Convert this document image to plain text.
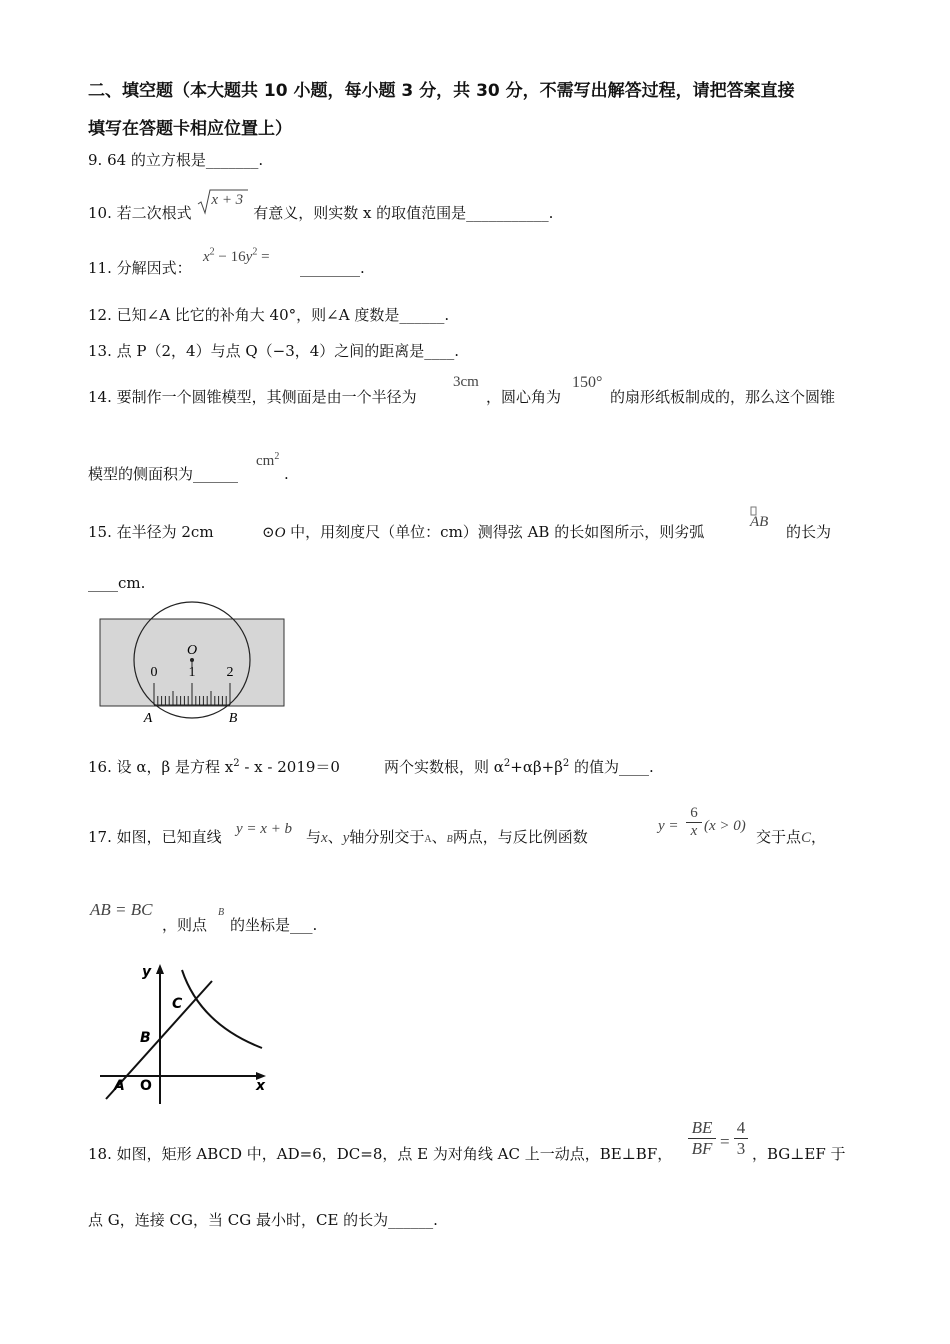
二、填空题（本大题共 10 小题，每小题 3 分，共 30 分，不需写出解答过程，请把答案直接
填写在答题卡相应位置上）
9. 64 的立方根是_______.
10. 若二次根式
x + 3
有意义，则实数 x 的取值范围是___________.
11. 分解因式：
$x^2 - 16y^2$ =
________.
12. 已知∠A 比它的补角大 40°，则∠A 度数是______.
13. 点 P（2，4）与点 Q（−3，4）之间的距离是____.
14. 要制作一个圆锥模型，其侧面是由一个半径为
3cm
，圆心角为
150°
的扇形纸板制成的，那么这个圆锥
模型的侧面积为______
$cm^2$
.
15. 在半径为 2cm	⊙O 中，用刻度尺（单位：cm）测得弦 AB 的长如图所示，则劣弧
AB
的长为
____cm.
O
0 1 2
A	B
16. 设 α，β 是方程 $x^2 - x - 2019=0$	两个实数根，则 $\alpha^2+\alpha\beta+\beta^2$ 的值为____.
17. 如图，已知直线 y = x + b 与x、y轴分别交于A、B两点，与反比例函数
$y = \frac{6}{x} (x > 0)$
交于点C，
AB = BC
，则点
B
的坐标是___.
y
x
A O
B
C
18. 如图，矩形 ABCD 中，AD=6，DC=8，点 E 为对角线 AC 上一动点，BE⊥BF， $\frac{BE}{BF} = \frac{4}{3}$ ，BG⊥EF 于
点 G，连接 CG，当 CG 最小时，CE 的长为______.
